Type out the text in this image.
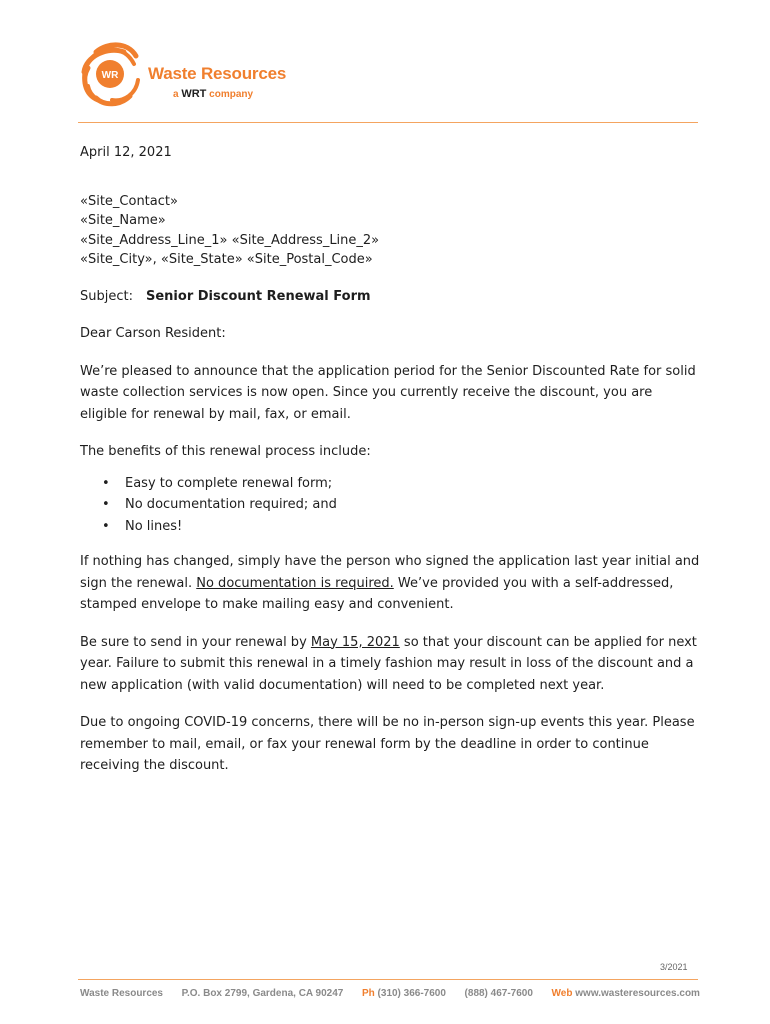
WR Waste Resources
a WRT company

April 12, 2021

«Site_Contact»
«Site_Name»
«Site_Address_Line_1» «Site_Address_Line_2»
«Site_City», «Site_State» «Site_Postal_Code»

Subject:	Senior Discount Renewal Form

Dear Carson Resident:

We’re pleased to announce that the application period for the Senior Discounted Rate for solid waste collection services is now open. Since you currently receive the discount, you are eligible for renewal by mail, fax, or email.

The benefits of this renewal process include:

• Easy to complete renewal form;
• No documentation required; and
• No lines!

If nothing has changed, simply have the person who signed the application last year initial and sign the renewal. No documentation is required. We’ve provided you with a self-addressed, stamped envelope to make mailing easy and convenient.

Be sure to send in your renewal by May 15, 2021 so that your discount can be applied for next year. Failure to submit this renewal in a timely fashion may result in loss of the discount and a new application (with valid documentation) will need to be completed next year.

Due to ongoing COVID-19 concerns, there will be no in-person sign-up events this year. Please remember to mail, email, or fax your renewal form by the deadline in order to continue receiving the discount.

3/2021
Waste Resources P.O. Box 2799, Gardena, CA 90247 Ph (310) 366-7600 (888) 467-7600 Web www.wasteresources.com
